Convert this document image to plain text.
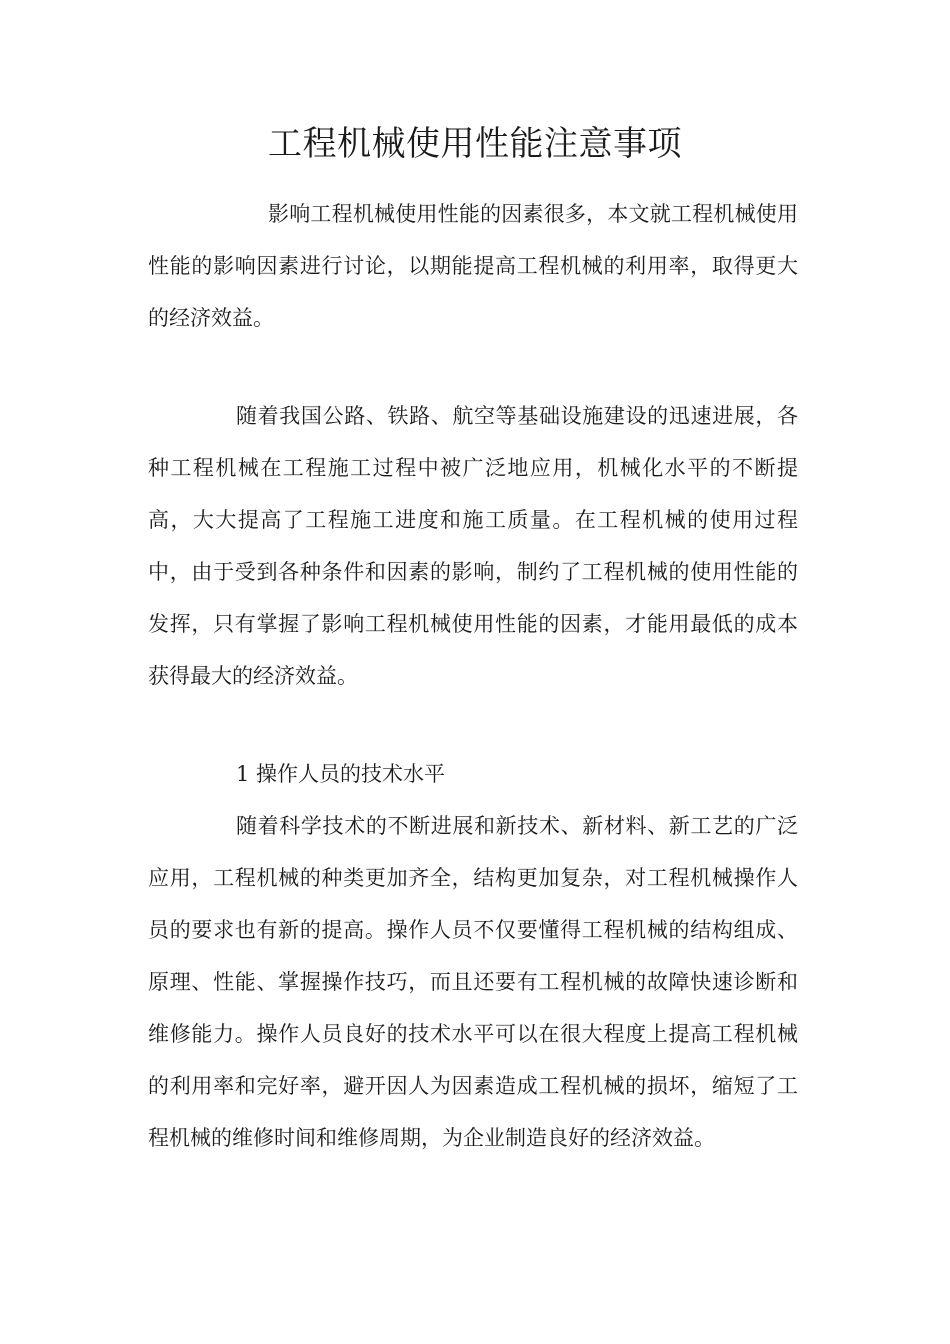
工程机械使用性能注意事项

影响工程机械使用性能的因素很多，本文就工程机械使用性能的影响因素进行讨论，以期能提高工程机械的利用率，取得更大的经济效益。

随着我国公路、铁路、航空等基础设施建设的迅速进展，各种工程机械在工程施工过程中被广泛地应用，机械化水平的不断提高，大大提高了工程施工进度和施工质量。在工程机械的使用过程中，由于受到各种条件和因素的影响，制约了工程机械的使用性能的发挥，只有掌握了影响工程机械使用性能的因素，才能用最低的成本获得最大的经济效益。

1 操作人员的技术水平

随着科学技术的不断进展和新技术、新材料、新工艺的广泛应用，工程机械的种类更加齐全，结构更加复杂，对工程机械操作人员的要求也有新的提高。操作人员不仅要懂得工程机械的结构组成、原理、性能、掌握操作技巧，而且还要有工程机械的故障快速诊断和维修能力。操作人员良好的技术水平可以在很大程度上提高工程机械的利用率和完好率，避开因人为因素造成工程机械的损坏，缩短了工程机械的维修时间和维修周期，为企业制造良好的经济效益。
